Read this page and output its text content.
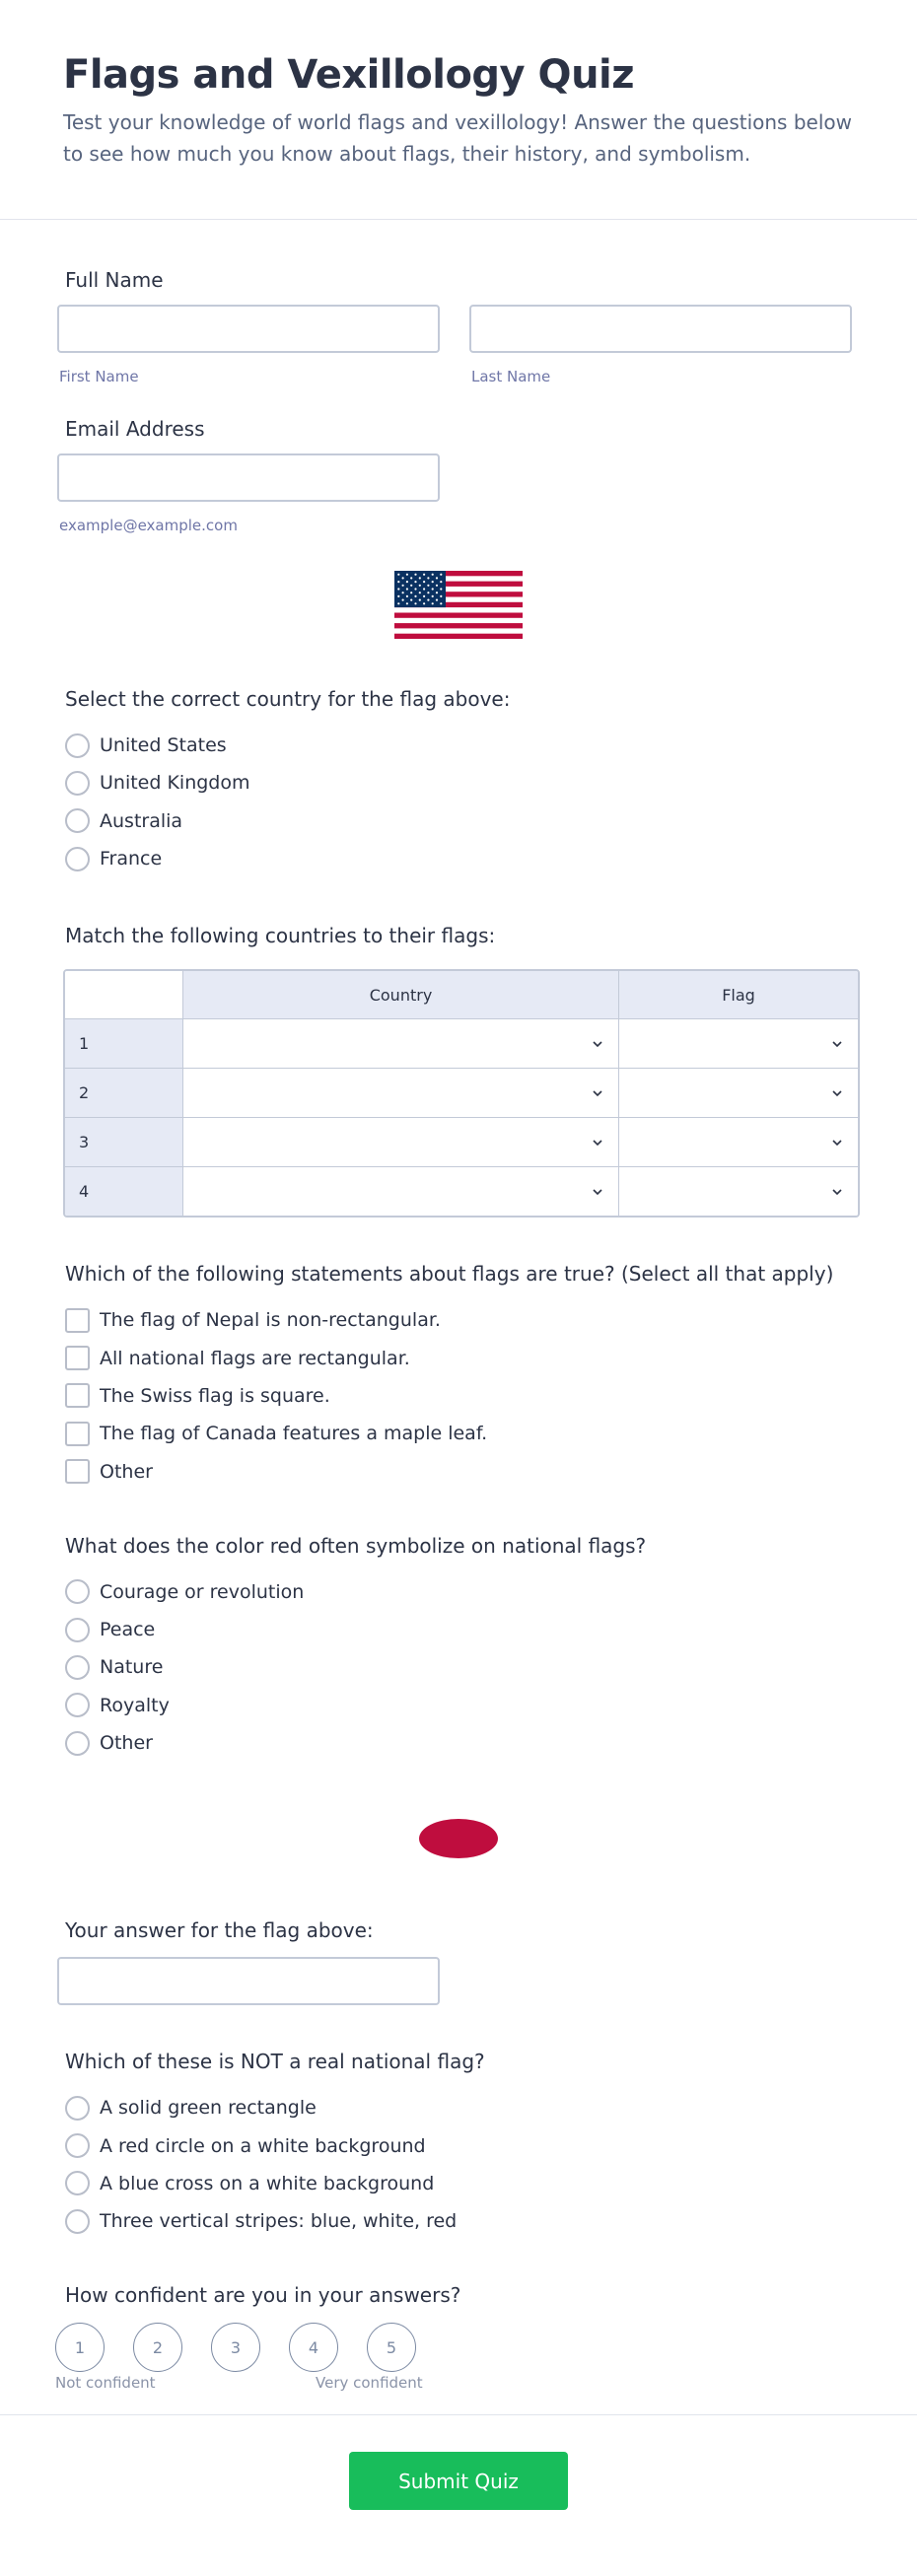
Flags and Vexillology Quiz

Test your knowledge of world flags and vexillology! Answer the questions below to see how much you know about flags, their history, and symbolism.

Full Name
First Name	Last Name
Email Address
example@example.com
Select the correct country for the flag above:
United States
United Kingdom
Australia
France
Match the following countries to their flags:
Country	Flag
1
2
3
4
Which of the following statements about flags are true? (Select all that apply)
The flag of Nepal is non-rectangular.
All national flags are rectangular.
The Swiss flag is square.
The flag of Canada features a maple leaf.
Other
What does the color red often symbolize on national flags?
Courage or revolution
Peace
Nature
Royalty
Other
Your answer for the flag above:
Which of these is NOT a real national flag?
A solid green rectangle
A red circle on a white background
A blue cross on a white background
Three vertical stripes: blue, white, red
How confident are you in your answers?
1	2	3	4	5
Not confident	Very confident
Submit Quiz
